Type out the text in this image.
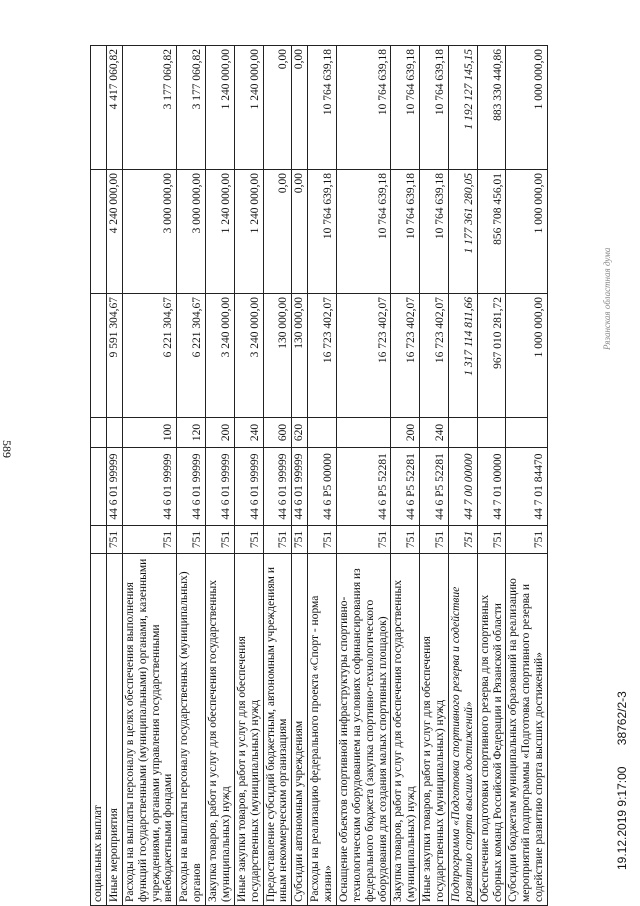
589
социальных выплат						
Иные мероприятия	751	44 6 01 99999		9 591 304,67	4 240 000,00	4 417 060,82
Расходы на выплаты персоналу в целях обеспечения выполнения функций государственными (муниципальными) органами, казенными учреждениями, органами управления государственными внебюджетными фондами	751	44 6 01 99999	100	6 221 304,67	3 000 000,00	3 177 060,82
Расходы на выплаты персоналу государственных (муниципальных) органов	751	44 6 01 99999	120	6 221 304,67	3 000 000,00	3 177 060,82
Закупка товаров, работ и услуг для обеспечения государственных (муниципальных) нужд	751	44 6 01 99999	200	3 240 000,00	1 240 000,00	1 240 000,00
Иные закупки товаров, работ и услуг для обеспечения государственных (муниципальных) нужд	751	44 6 01 99999	240	3 240 000,00	1 240 000,00	1 240 000,00
Предоставление субсидий бюджетным, автономным учреждениям и иным некоммерческим организациям	751	44 6 01 99999	600	130 000,00	0,00	0,00
Субсидии автономным учреждениям	751	44 6 01 99999	620	130 000,00	0,00	0,00
Расходы на реализацию федерального проекта «Спорт - норма жизни»	751	44 6 P5 00000		16 723 402,07	10 764 639,18	10 764 639,18
Оснащение объектов спортивной инфраструктуры спортивно-технологическим оборудованием на условиях софинансирования из федерального бюджета (закупка спортивно-технологического оборудования для создания малых спортивных площадок)	751	44 6 P5 52281		16 723 402,07	10 764 639,18	10 764 639,18
Закупка товаров, работ и услуг для обеспечения государственных (муниципальных) нужд	751	44 6 P5 52281	200	16 723 402,07	10 764 639,18	10 764 639,18
Иные закупки товаров, работ и услуг для обеспечения государственных (муниципальных) нужд	751	44 6 P5 52281	240	16 723 402,07	10 764 639,18	10 764 639,18
Подпрограмма «Подготовка спортивного резерва и содействие развитию спорта высших достижений»	751	44 7 00 00000		1 317 114 811,66	1 177 361 280,05	1 192 127 145,15
Обеспечение подготовки спортивного резерва для спортивных сборных команд Российской Федерации и Рязанской области	751	44 7 01 00000		967 010 281,72	856 708 456,01	883 330 440,86
Субсидии бюджетам муниципальных образований на реализацию мероприятий подпрограммы «Подготовка спортивного резерва и содействие развитию спорта высших достижений»	751	44 7 01 84470		1 000 000,00	1 000 000,00	1 000 000,00
Рязанская областная дума
19.12.2019 9:17:00 38762/2-3
